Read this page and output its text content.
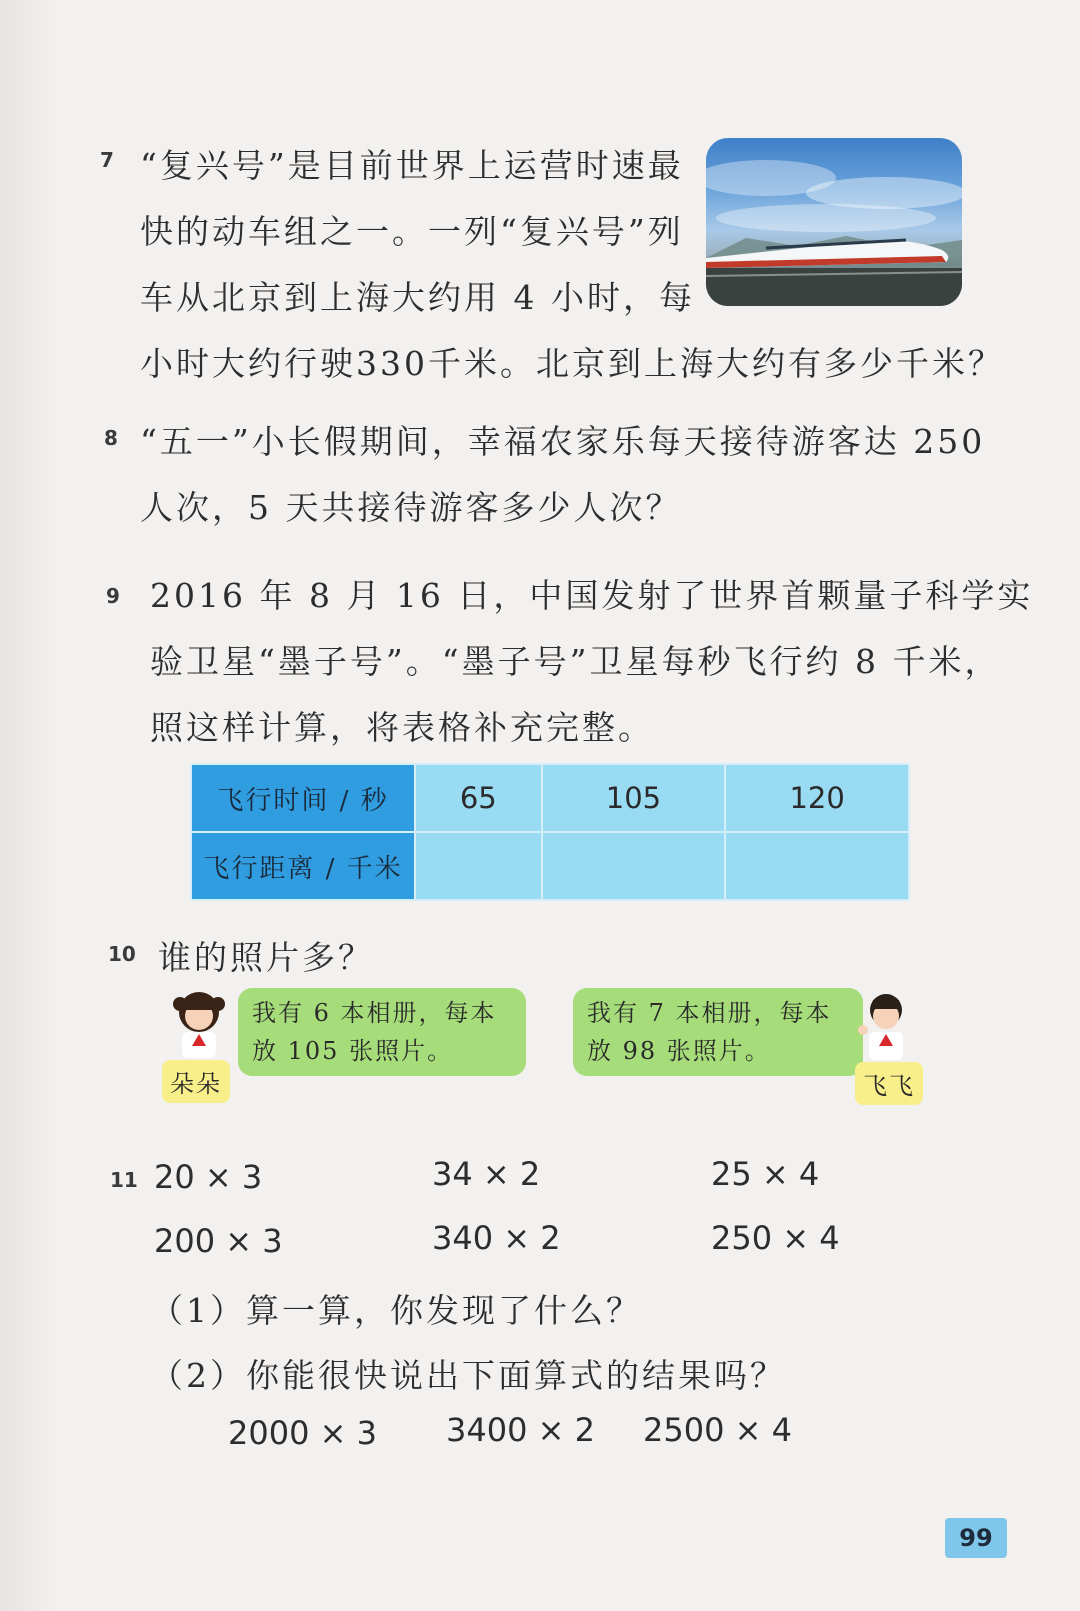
7 “复兴号”是目前世界上运营时速最
快的动车组之一。一列“复兴号”列
车从北京到上海大约用 4 小时，每
小时大约行驶330千米。北京到上海大约有多少千米？
8 “五一”小长假期间，幸福农家乐每天接待游客达 250
人次，5 天共接待游客多少人次？
9 2016 年 8 月 16 日，中国发射了世界首颗量子科学实
验卫星“墨子号”。“墨子号”卫星每秒飞行约 8 千米，
照这样计算，将表格补充完整。
飞行时间 / 秒	65	105	120
飞行距离 / 千米			
10 谁的照片多？
我有 6 本相册，每本
放 105 张照片。
朵朵
我有 7 本相册，每本
放 98 张照片。
飞飞
11 20 × 3	34 × 2	25 × 4
200 × 3	340 × 2	250 × 4
（1）算一算，你发现了什么？
（2）你能很快说出下面算式的结果吗？
2000 × 3 3400 × 2 2500 × 4
99
